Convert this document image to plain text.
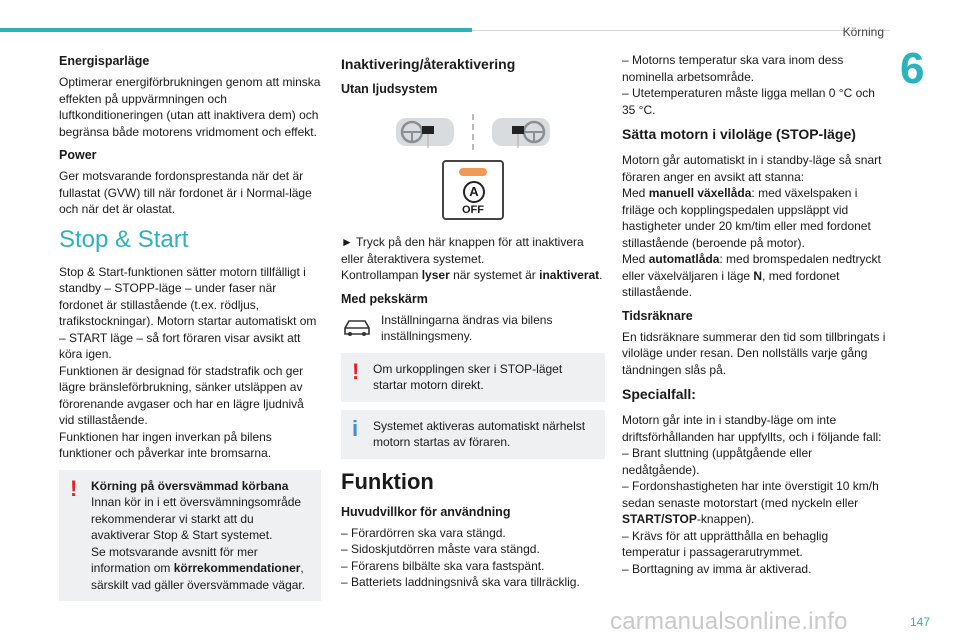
Körning
6
Energisparläge
Optimerar energiförbrukningen genom att minska effekten på uppvärmningen och luftkonditioneringen (utan att inaktivera dem) och begränsa både motorens vridmoment och effekt.
Power
Ger motsvarande fordonsprestanda när det är fullastat (GVW) till när fordonet är i Normal-läge och när det är olastat.
Stop & Start
Stop & Start-funktionen sätter motorn tillfälligt i standby – STOPP-läge – under faser när fordonet är stillastående (t.ex. rödljus, trafikstockningar). Motorn startar automatiskt om – START läge – så fort föraren visar avsikt att köra igen.
Funktionen är designad för stadstrafik och ger lägre bränsleförbrukning, sänker utsläppen av förorenande avgaser och har en lägre ljudnivå vid stillastående.
Funktionen har ingen inverkan på bilens funktioner och påverkar inte bromsarna.
! Körning på översvämmad körbana
Innan kör in i ett översvämningsområde rekommenderar vi starkt att du avaktiverar Stop & Start systemet.
Se motsvarande avsnitt för mer information om körrekommendationer, särskilt vad gäller översvämmade vägar.
Inaktivering/återaktivering
Utan ljudsystem
A
OFF
► Tryck på den här knappen för att inaktivera eller återaktivera systemet.
Kontrollampan lyser när systemet är inaktiverat.
Med pekskärm
Inställningarna ändras via bilens inställningsmeny.
! Om urkopplingen sker i STOP-läget startar motorn direkt.
i Systemet aktiveras automatiskt närhelst motorn startas av föraren.
Funktion
Huvudvillkor för användning
– Förardörren ska vara stängd.
– Sidoskjutdörren måste vara stängd.
– Förarens bilbälte ska vara fastspänt.
– Batteriets laddningsnivå ska vara tillräcklig.
– Motorns temperatur ska vara inom dess nominella arbetsområde.
– Utetemperaturen måste ligga mellan 0 °C och 35 °C.
Sätta motorn i viloläge (STOP-läge)
Motorn går automatiskt in i standby-läge så snart föraren anger en avsikt att stanna:
Med manuell växellåda: med växelspaken i friläge och kopplingspedalen uppsläppt vid hastigheter under 20 km/tim eller med fordonet stillastående (beroende på motor).
Med automatlåda: med bromspedalen nedtryckt eller växelväljaren i läge N, med fordonet stillastående.
Tidsräknare
En tidsräknare summerar den tid som tillbringats i viloläge under resan. Den nollställs varje gång tändningen slås på.
Specialfall:
Motorn går inte in i standby-läge om inte driftsförhållanden har uppfyllts, och i följande fall:
– Brant sluttning (uppåtgående eller nedåtgående).
– Fordonshastigheten har inte överstigit 10 km/h sedan senaste motorstart (med nyckeln eller START/STOP-knappen).
– Krävs för att upprätthålla en behaglig temperatur i passagerarutrymmet.
– Borttagning av imma är aktiverad.
carmanualsonline.info	147
